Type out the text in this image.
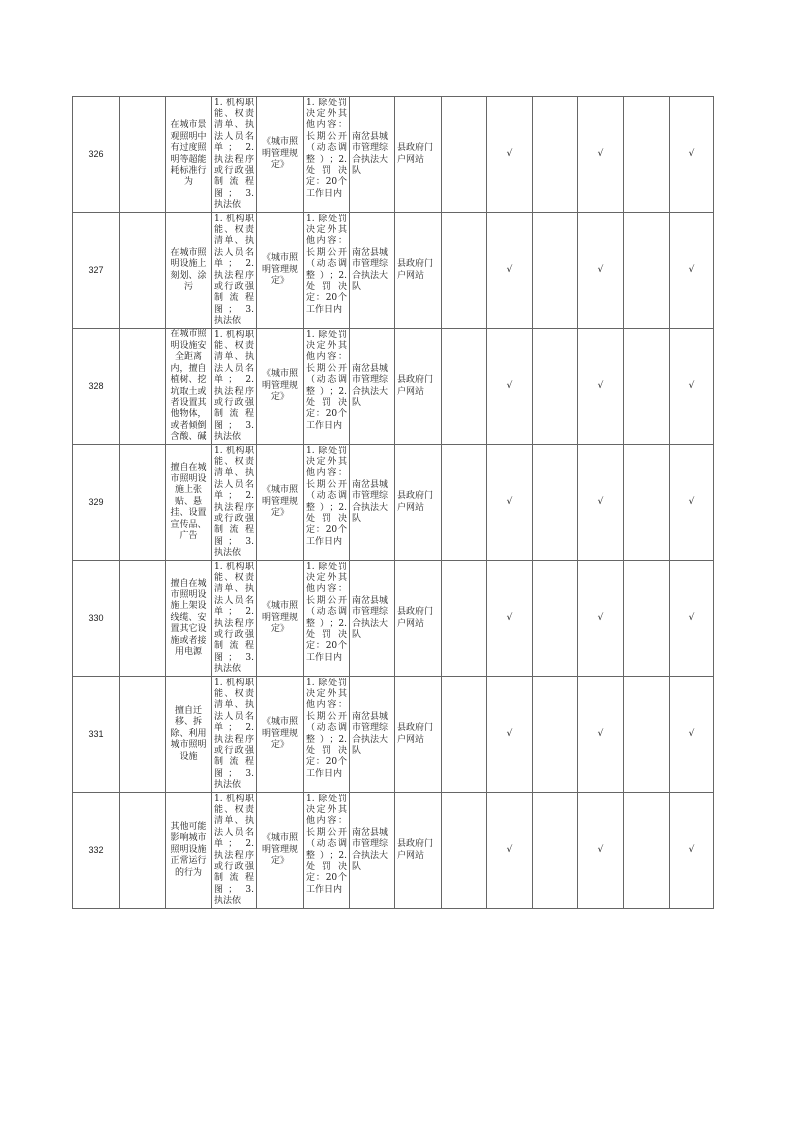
326		在城市景观照明中有过度照明等超能耗标准行为	1. 机构职能、权责清单、执法人员名单； 2. 执法程序或行政强制流程图； 3. 执法依	《城市照明管理规定》	1. 除处罚决定外其他内容：长期公开（动态调整）；2. 处罚决定：20个工作日内	南岔县城市管理综合执法大队	县政府门户网站		√		√		√
327		在城市照明设施上刻划、涂污	1. 机构职能、权责清单、执法人员名单； 2. 执法程序或行政强制流程图； 3. 执法依	《城市照明管理规定》	1. 除处罚决定外其他内容：长期公开（动态调整）；2. 处罚决定：20个工作日内	南岔县城市管理综合执法大队	县政府门户网站		√		√		√
328		在城市照明设施安全距离内，擅自植树、挖坑取土或者设置其他物体，或者倾倒含酸、碱	1. 机构职能、权责清单、执法人员名单； 2. 执法程序或行政强制流程图； 3. 执法依	《城市照明管理规定》	1. 除处罚决定外其他内容：长期公开（动态调整）；2. 处罚决定：20个工作日内	南岔县城市管理综合执法大队	县政府门户网站		√		√		√
329		擅自在城市照明设施上张贴、悬挂、设置宣传品、广告	1. 机构职能、权责清单、执法人员名单； 2. 执法程序或行政强制流程图； 3. 执法依	《城市照明管理规定》	1. 除处罚决定外其他内容：长期公开（动态调整）；2. 处罚决定：20个工作日内	南岔县城市管理综合执法大队	县政府门户网站		√		√		√
330		擅自在城市照明设施上架设线缆、安置其它设施或者接用电源	1. 机构职能、权责清单、执法人员名单； 2. 执法程序或行政强制流程图； 3. 执法依	《城市照明管理规定》	1. 除处罚决定外其他内容：长期公开（动态调整）；2. 处罚决定：20个工作日内	南岔县城市管理综合执法大队	县政府门户网站		√		√		√
331		擅自迁移、拆除、利用城市照明设施	1. 机构职能、权责清单、执法人员名单； 2. 执法程序或行政强制流程图； 3. 执法依	《城市照明管理规定》	1. 除处罚决定外其他内容：长期公开（动态调整）；2. 处罚决定：20个工作日内	南岔县城市管理综合执法大队	县政府门户网站		√		√		√
332		其他可能影响城市照明设施正常运行的行为	1. 机构职能、权责清单、执法人员名单； 2. 执法程序或行政强制流程图； 3. 执法依	《城市照明管理规定》	1. 除处罚决定外其他内容：长期公开（动态调整）；2. 处罚决定：20个工作日内	南岔县城市管理综合执法大队	县政府门户网站		√		√		√
